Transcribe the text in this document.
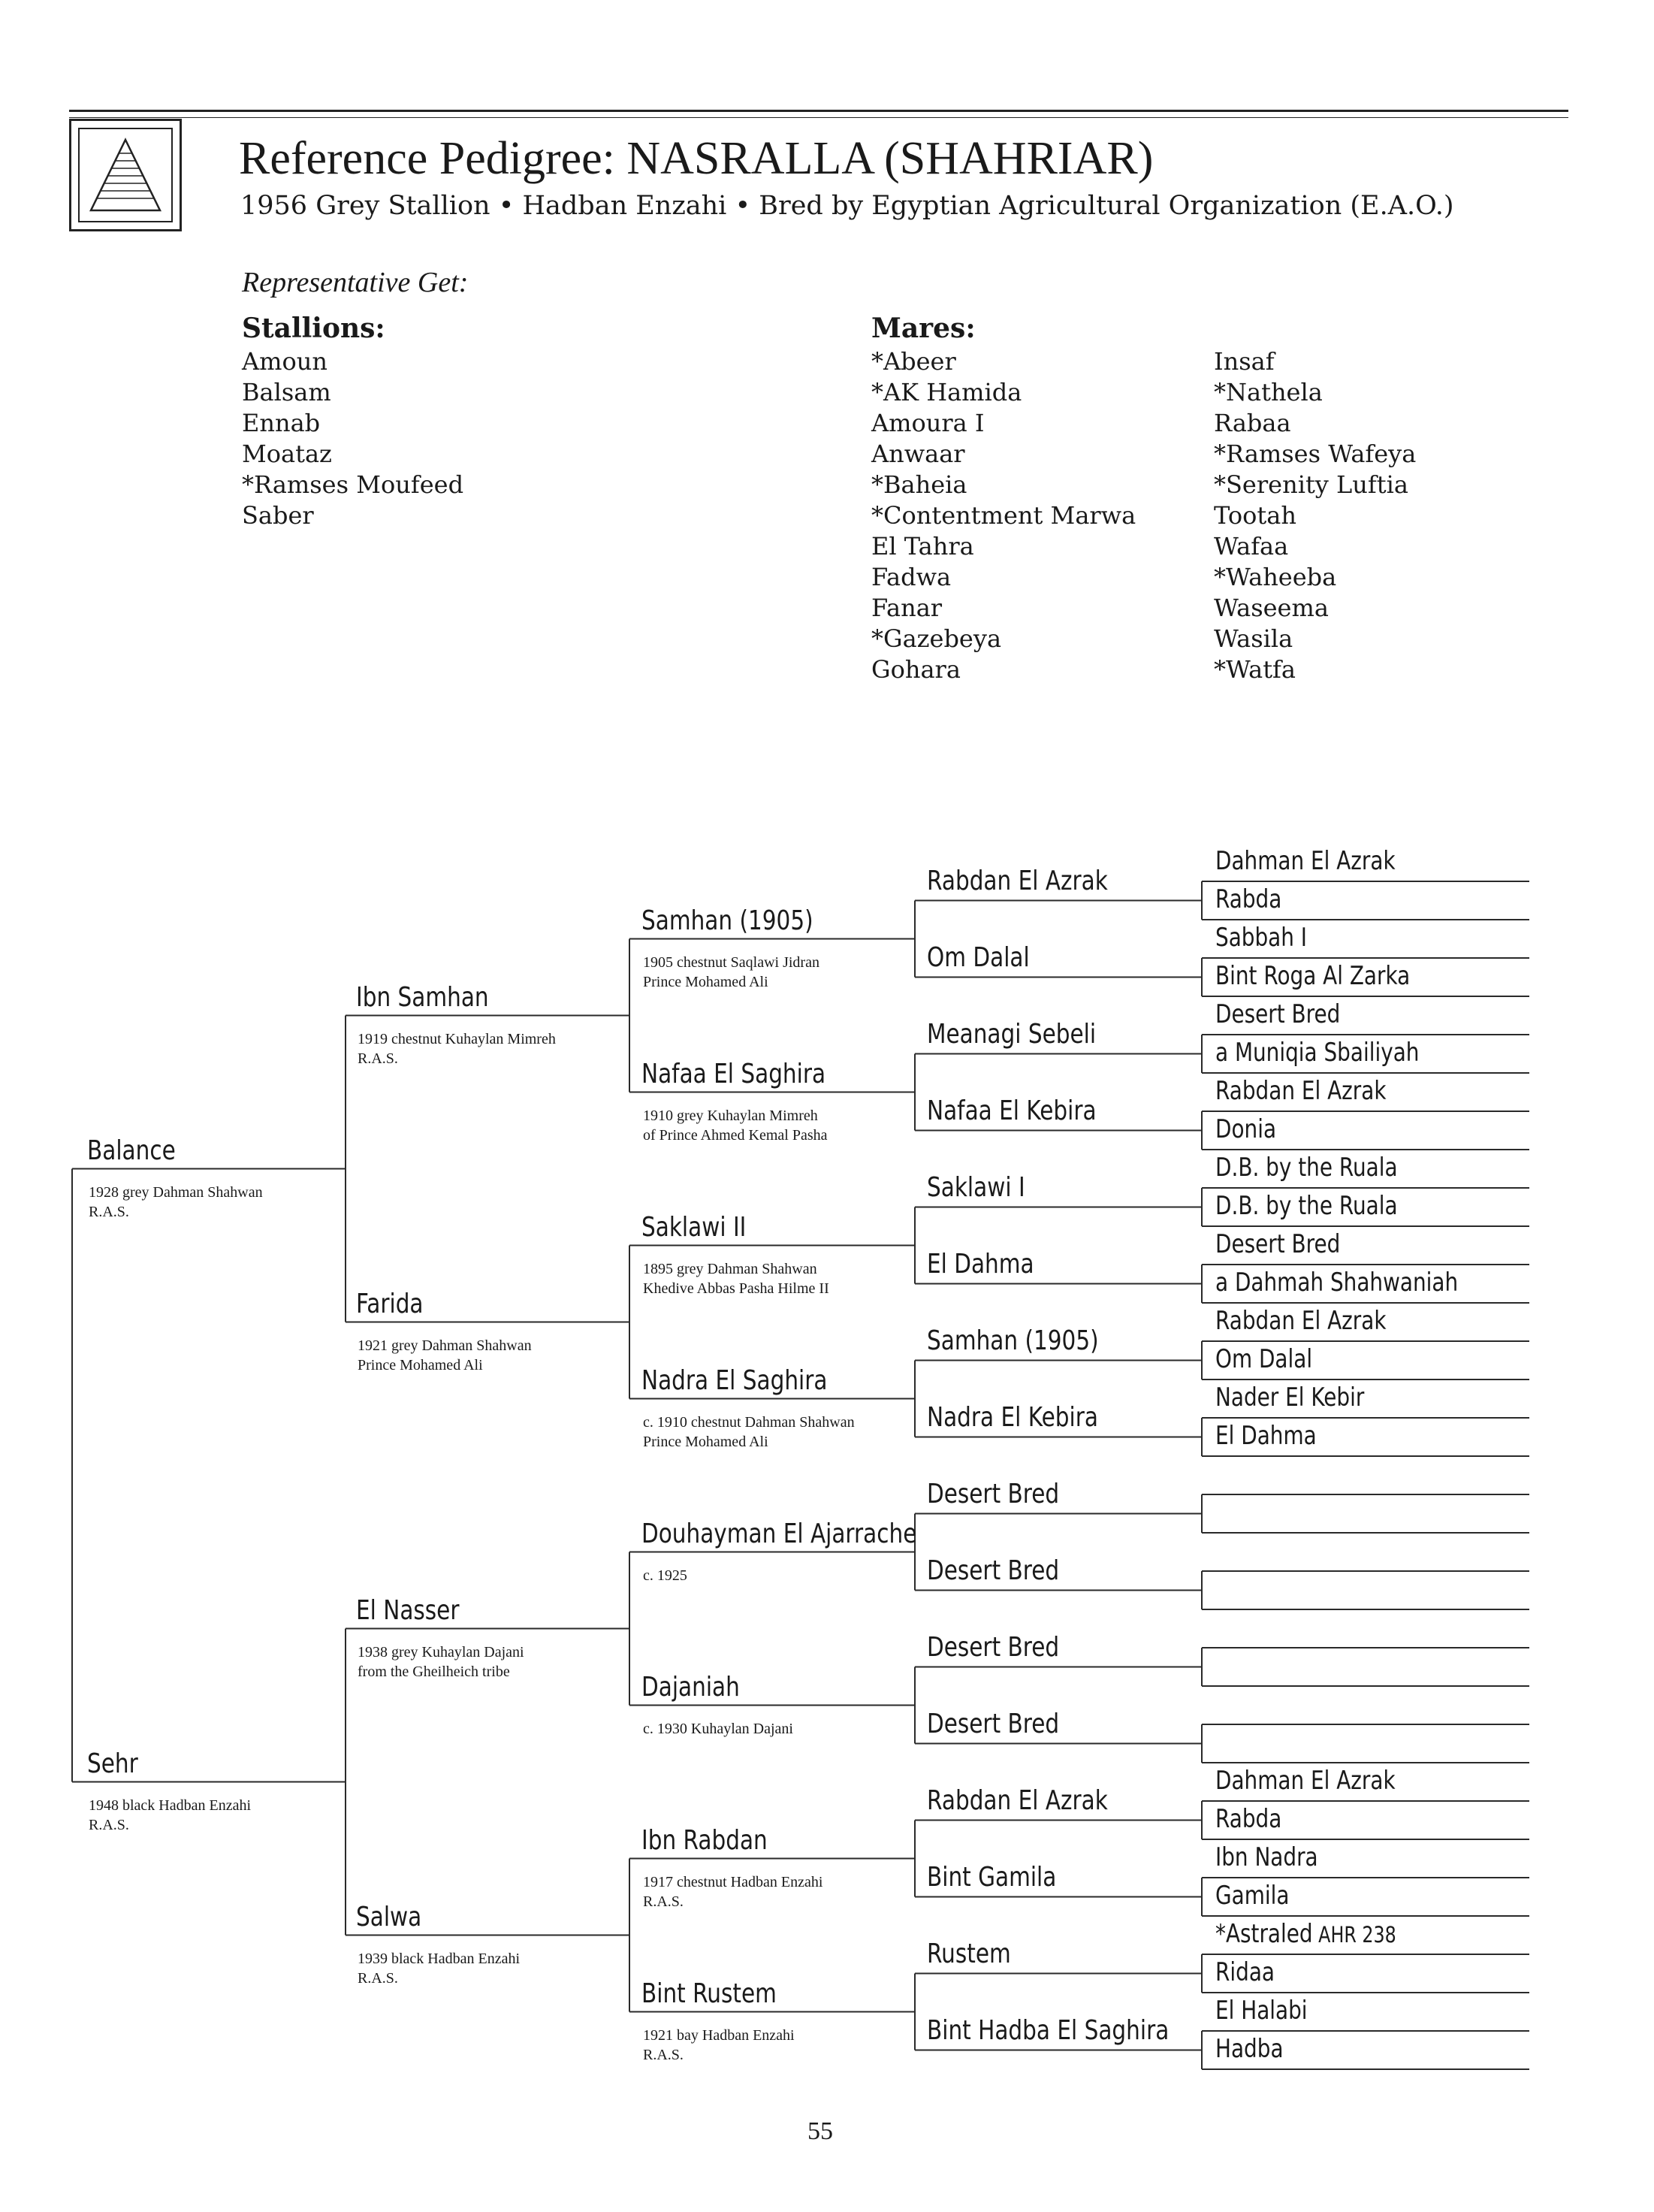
Reference Pedigree: NASRALLA (SHAHRIAR)
1956 Grey Stallion • Hadban Enzahi • Bred by Egyptian Agricultural Organization (E.A.O.)
Representative Get:
Stallions:
Amoun
Balsam
Ennab
Moataz
*Ramses Moufeed
Saber
Mares:
*Abeer
*AK Hamida
Amoura I
Anwaar
*Baheia
*Contentment Marwa
El Tahra
Fadwa
Fanar
*Gazebeya
Gohara
Insaf
*Nathela
Rabaa
*Ramses Wafeya
*Serenity Luftia
Tootah
Wafaa
*Waheeba
Waseema
Wasila
*Watfa
Balance
1928 grey Dahman Shahwan
R.A.S.
Sehr
1948 black Hadban Enzahi
R.A.S.
Ibn Samhan
1919 chestnut Kuhaylan Mimreh
R.A.S.
Farida
1921 grey Dahman Shahwan
Prince Mohamed Ali
El Nasser
1938 grey Kuhaylan Dajani
from the Gheilheich tribe
Salwa
1939 black Hadban Enzahi
R.A.S.
Samhan (1905)
1905 chestnut Saqlawi Jidran
Prince Mohamed Ali
Nafaa El Saghira
1910 grey Kuhaylan Mimreh
of Prince Ahmed Kemal Pasha
Saklawi II
1895 grey Dahman Shahwan
Khedive Abbas Pasha Hilme II
Nadra El Saghira
c. 1910 chestnut Dahman Shahwan
Prince Mohamed Ali
Douhayman El Ajarrache
c. 1925
Dajaniah
c. 1930 Kuhaylan Dajani
Ibn Rabdan
1917 chestnut Hadban Enzahi
R.A.S.
Bint Rustem
1921 bay Hadban Enzahi
R.A.S.
Rabdan El Azrak
Om Dalal
Meanagi Sebeli
Nafaa El Kebira
Saklawi I
El Dahma
Samhan (1905)
Nadra El Kebira
Desert Bred
Desert Bred
Desert Bred
Desert Bred
Rabdan El Azrak
Bint Gamila
Rustem
Bint Hadba El Saghira
Dahman El Azrak
Rabda
Sabbah I
Bint Roga Al Zarka
Desert Bred
a Muniqia Sbailiyah
Rabdan El Azrak
Donia
D.B. by the Ruala
D.B. by the Ruala
Desert Bred
a Dahmah Shahwaniah
Rabdan El Azrak
Om Dalal
Nader El Kebir
El Dahma
Dahman El Azrak
Rabda
Ibn Nadra
Gamila
*Astraled AHR 238
Ridaa
El Halabi
Hadba
55
